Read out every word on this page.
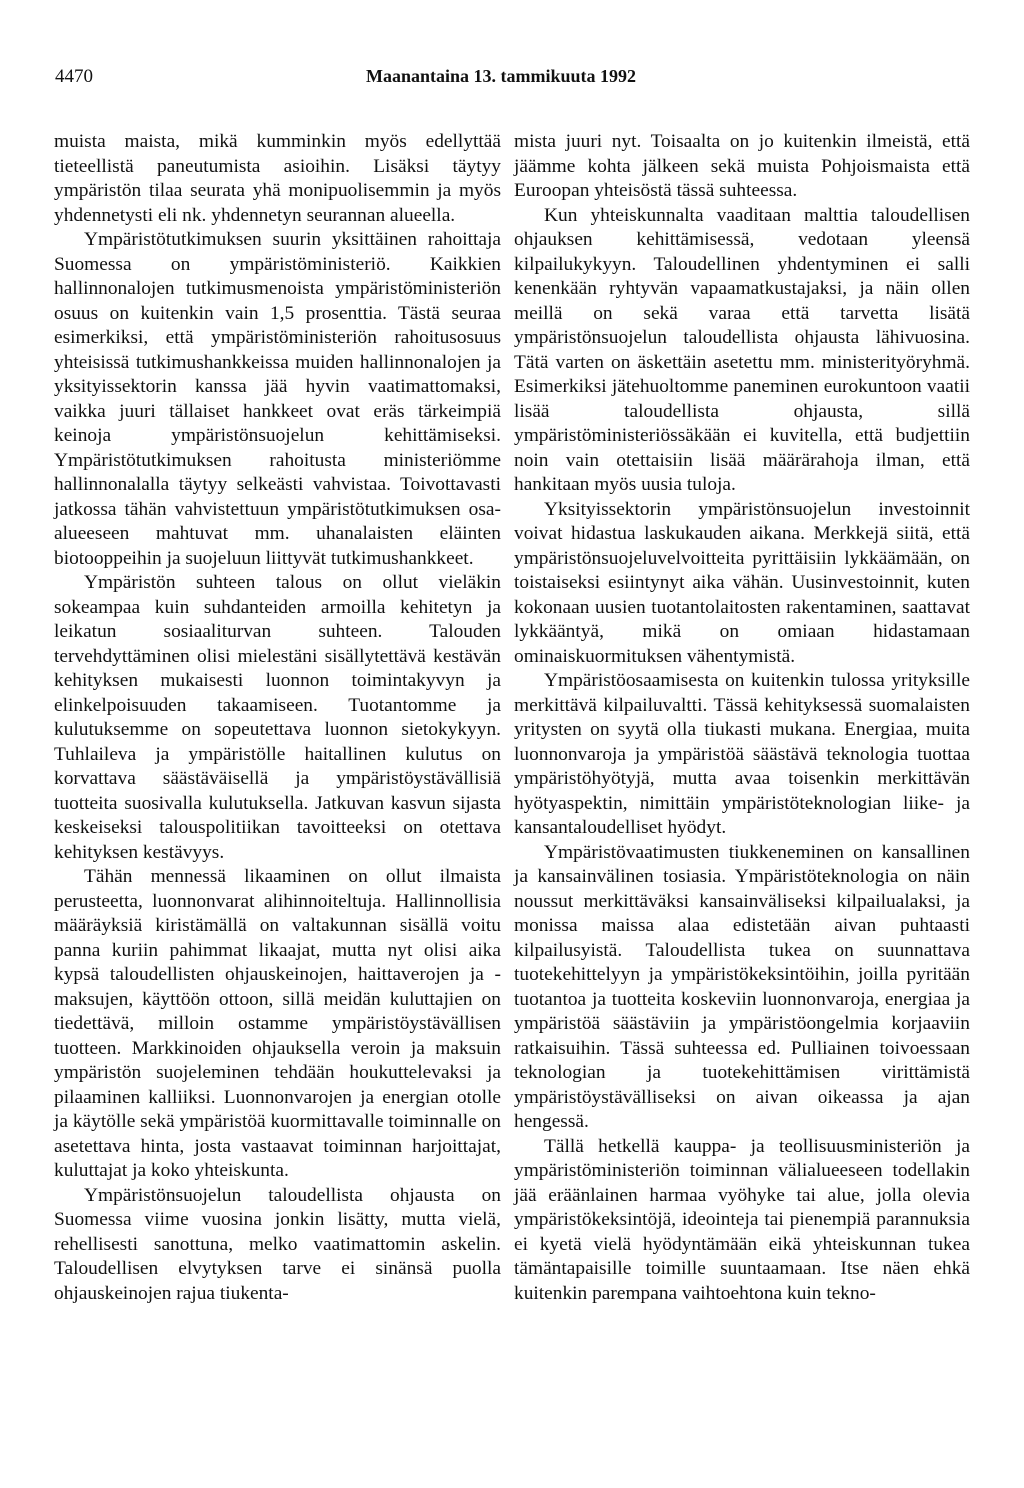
4470	Maanantaina 13. tammikuuta 1992

muista maista, mikä kumminkin myös edellyttää tieteellistä paneutumista asioihin. Lisäksi täytyy ympäristön tilaa seurata yhä monipuolisemmin ja myös yhdennetysti eli nk. yhdennetyn seurannan alueella.

Ympäristötutkimuksen suurin yksittäinen rahoittaja Suomessa on ympäristöministeriö. Kaikkien hallinnonalojen tutkimusmenoista ympäristöministeriön osuus on kuitenkin vain 1,5 prosenttia. Tästä seuraa esimerkiksi, että ympäristöministeriön rahoitusosuus yhteisissä tutkimushankkeissa muiden hallinnonalojen ja yksityissektorin kanssa jää hyvin vaatimattomaksi, vaikka juuri tällaiset hankkeet ovat eräs tärkeimpiä keinoja ympäristönsuojelun kehittämiseksi. Ympäristötutkimuksen rahoitusta ministeriömme hallinnonalalla täytyy selkeästi vahvistaa. Toivottavasti jatkossa tähän vahvistettuun ympäristötutkimuksen osa-alueeseen mahtuvat mm. uhanalaisten eläinten biotooppeihin ja suojeluun liittyvät tutkimushankkeet.

Ympäristön suhteen talous on ollut vieläkin sokeampaa kuin suhdanteiden armoilla kehitetyn ja leikatun sosiaaliturvan suhteen. Talouden tervehdyttäminen olisi mielestäni sisällytettävä kestävän kehityksen mukaisesti luonnon toimintakyvyn ja elinkelpoisuuden takaamiseen. Tuotantomme ja kulutuksemme on sopeutettava luonnon sietokykyyn. Tuhlaileva ja ympäristölle haitallinen kulutus on korvattava säästäväisellä ja ympäristöystävällisiä tuotteita suosivalla kulutuksella. Jatkuvan kasvun sijasta keskeiseksi talouspolitiikan tavoitteeksi on otettava kehityksen kestävyys.

Tähän mennessä likaaminen on ollut ilmaista perusteetta, luonnonvarat alihinnoiteltuja. Hallinnollisia määräyksiä kiristämällä on valtakunnan sisällä voitu panna kuriin pahimmat likaajat, mutta nyt olisi aika kypsä taloudellisten ohjauskeinojen, haittaverojen ja -maksujen, käyttöön ottoon, sillä meidän kuluttajien on tiedettävä, milloin ostamme ympäristöystävällisen tuotteen. Markkinoiden ohjauksella veroin ja maksuin ympäristön suojeleminen tehdään houkuttelevaksi ja pilaaminen kalliiksi. Luonnonvarojen ja energian otolle ja käytölle sekä ympäristöä kuormittavalle toiminnalle on asetettava hinta, josta vastaavat toiminnan harjoittajat, kuluttajat ja koko yhteiskunta.

Ympäristönsuojelun taloudellista ohjausta on Suomessa viime vuosina jonkin lisätty, mutta vielä, rehellisesti sanottuna, melko vaatimattomin askelin. Taloudellisen elvytyksen tarve ei sinänsä puolla ohjauskeinojen rajua tiukenta-

mista juuri nyt. Toisaalta on jo kuitenkin ilmeistä, että jäämme kohta jälkeen sekä muista Pohjoismaista että Euroopan yhteisöstä tässä suhteessa.

Kun yhteiskunnalta vaaditaan malttia taloudellisen ohjauksen kehittämisessä, vedotaan yleensä kilpailukykyyn. Taloudellinen yhdentyminen ei salli kenenkään ryhtyvän vapaamatkustajaksi, ja näin ollen meillä on sekä varaa että tarvetta lisätä ympäristönsuojelun taloudellista ohjausta lähivuosina. Tätä varten on äskettäin asetettu mm. ministerityöryhmä. Esimerkiksi jätehuoltomme paneminen eurokuntoon vaatii lisää taloudellista ohjausta, sillä ympäristöministeriössäkään ei kuvitella, että budjettiin noin vain otettaisiin lisää määrärahoja ilman, että hankitaan myös uusia tuloja.

Yksityissektorin ympäristönsuojelun investoinnit voivat hidastua laskukauden aikana. Merkkejä siitä, että ympäristönsuojeluvelvoitteita pyrittäisiin lykkäämään, on toistaiseksi esiintynyt aika vähän. Uusinvestoinnit, kuten kokonaan uusien tuotantolaitosten rakentaminen, saattavat lykkääntyä, mikä on omiaan hidastamaan ominaiskuormituksen vähentymistä.

Ympäristöosaamisesta on kuitenkin tulossa yrityksille merkittävä kilpailuvaltti. Tässä kehityksessä suomalaisten yritysten on syytä olla tiukasti mukana. Energiaa, muita luonnonvaroja ja ympäristöä säästävä teknologia tuottaa ympäristöhyötyjä, mutta avaa toisenkin merkittävän hyötyaspektin, nimittäin ympäristöteknologian liike- ja kansantaloudelliset hyödyt.

Ympäristövaatimusten tiukkeneminen on kansallinen ja kansainvälinen tosiasia. Ympäristöteknologia on näin noussut merkittäväksi kansainväliseksi kilpailualaksi, ja monissa maissa alaa edistetään aivan puhtaasti kilpailusyistä. Taloudellista tukea on suunnattava tuotekehittelyyn ja ympäristökeksintöihin, joilla pyritään tuotantoa ja tuotteita koskeviin luonnonvaroja, energiaa ja ympäristöä säästäviin ja ympäristöongelmia korjaaviin ratkaisuihin. Tässä suhteessa ed. Pulliainen toivoessaan teknologian ja tuotekehittämisen virittämistä ympäristöystävälliseksi on aivan oikeassa ja ajan hengessä.

Tällä hetkellä kauppa- ja teollisuusministeriön ja ympäristöministeriön toiminnan välialueeseen todellakin jää eräänlainen harmaa vyöhyke tai alue, jolla olevia ympäristökeksintöjä, ideointeja tai pienempiä parannuksia ei kyetä vielä hyödyntämään eikä yhteiskunnan tukea tämäntapaisille toimille suuntaamaan. Itse näen ehkä kuitenkin parempana vaihtoehtona kuin tekno-
